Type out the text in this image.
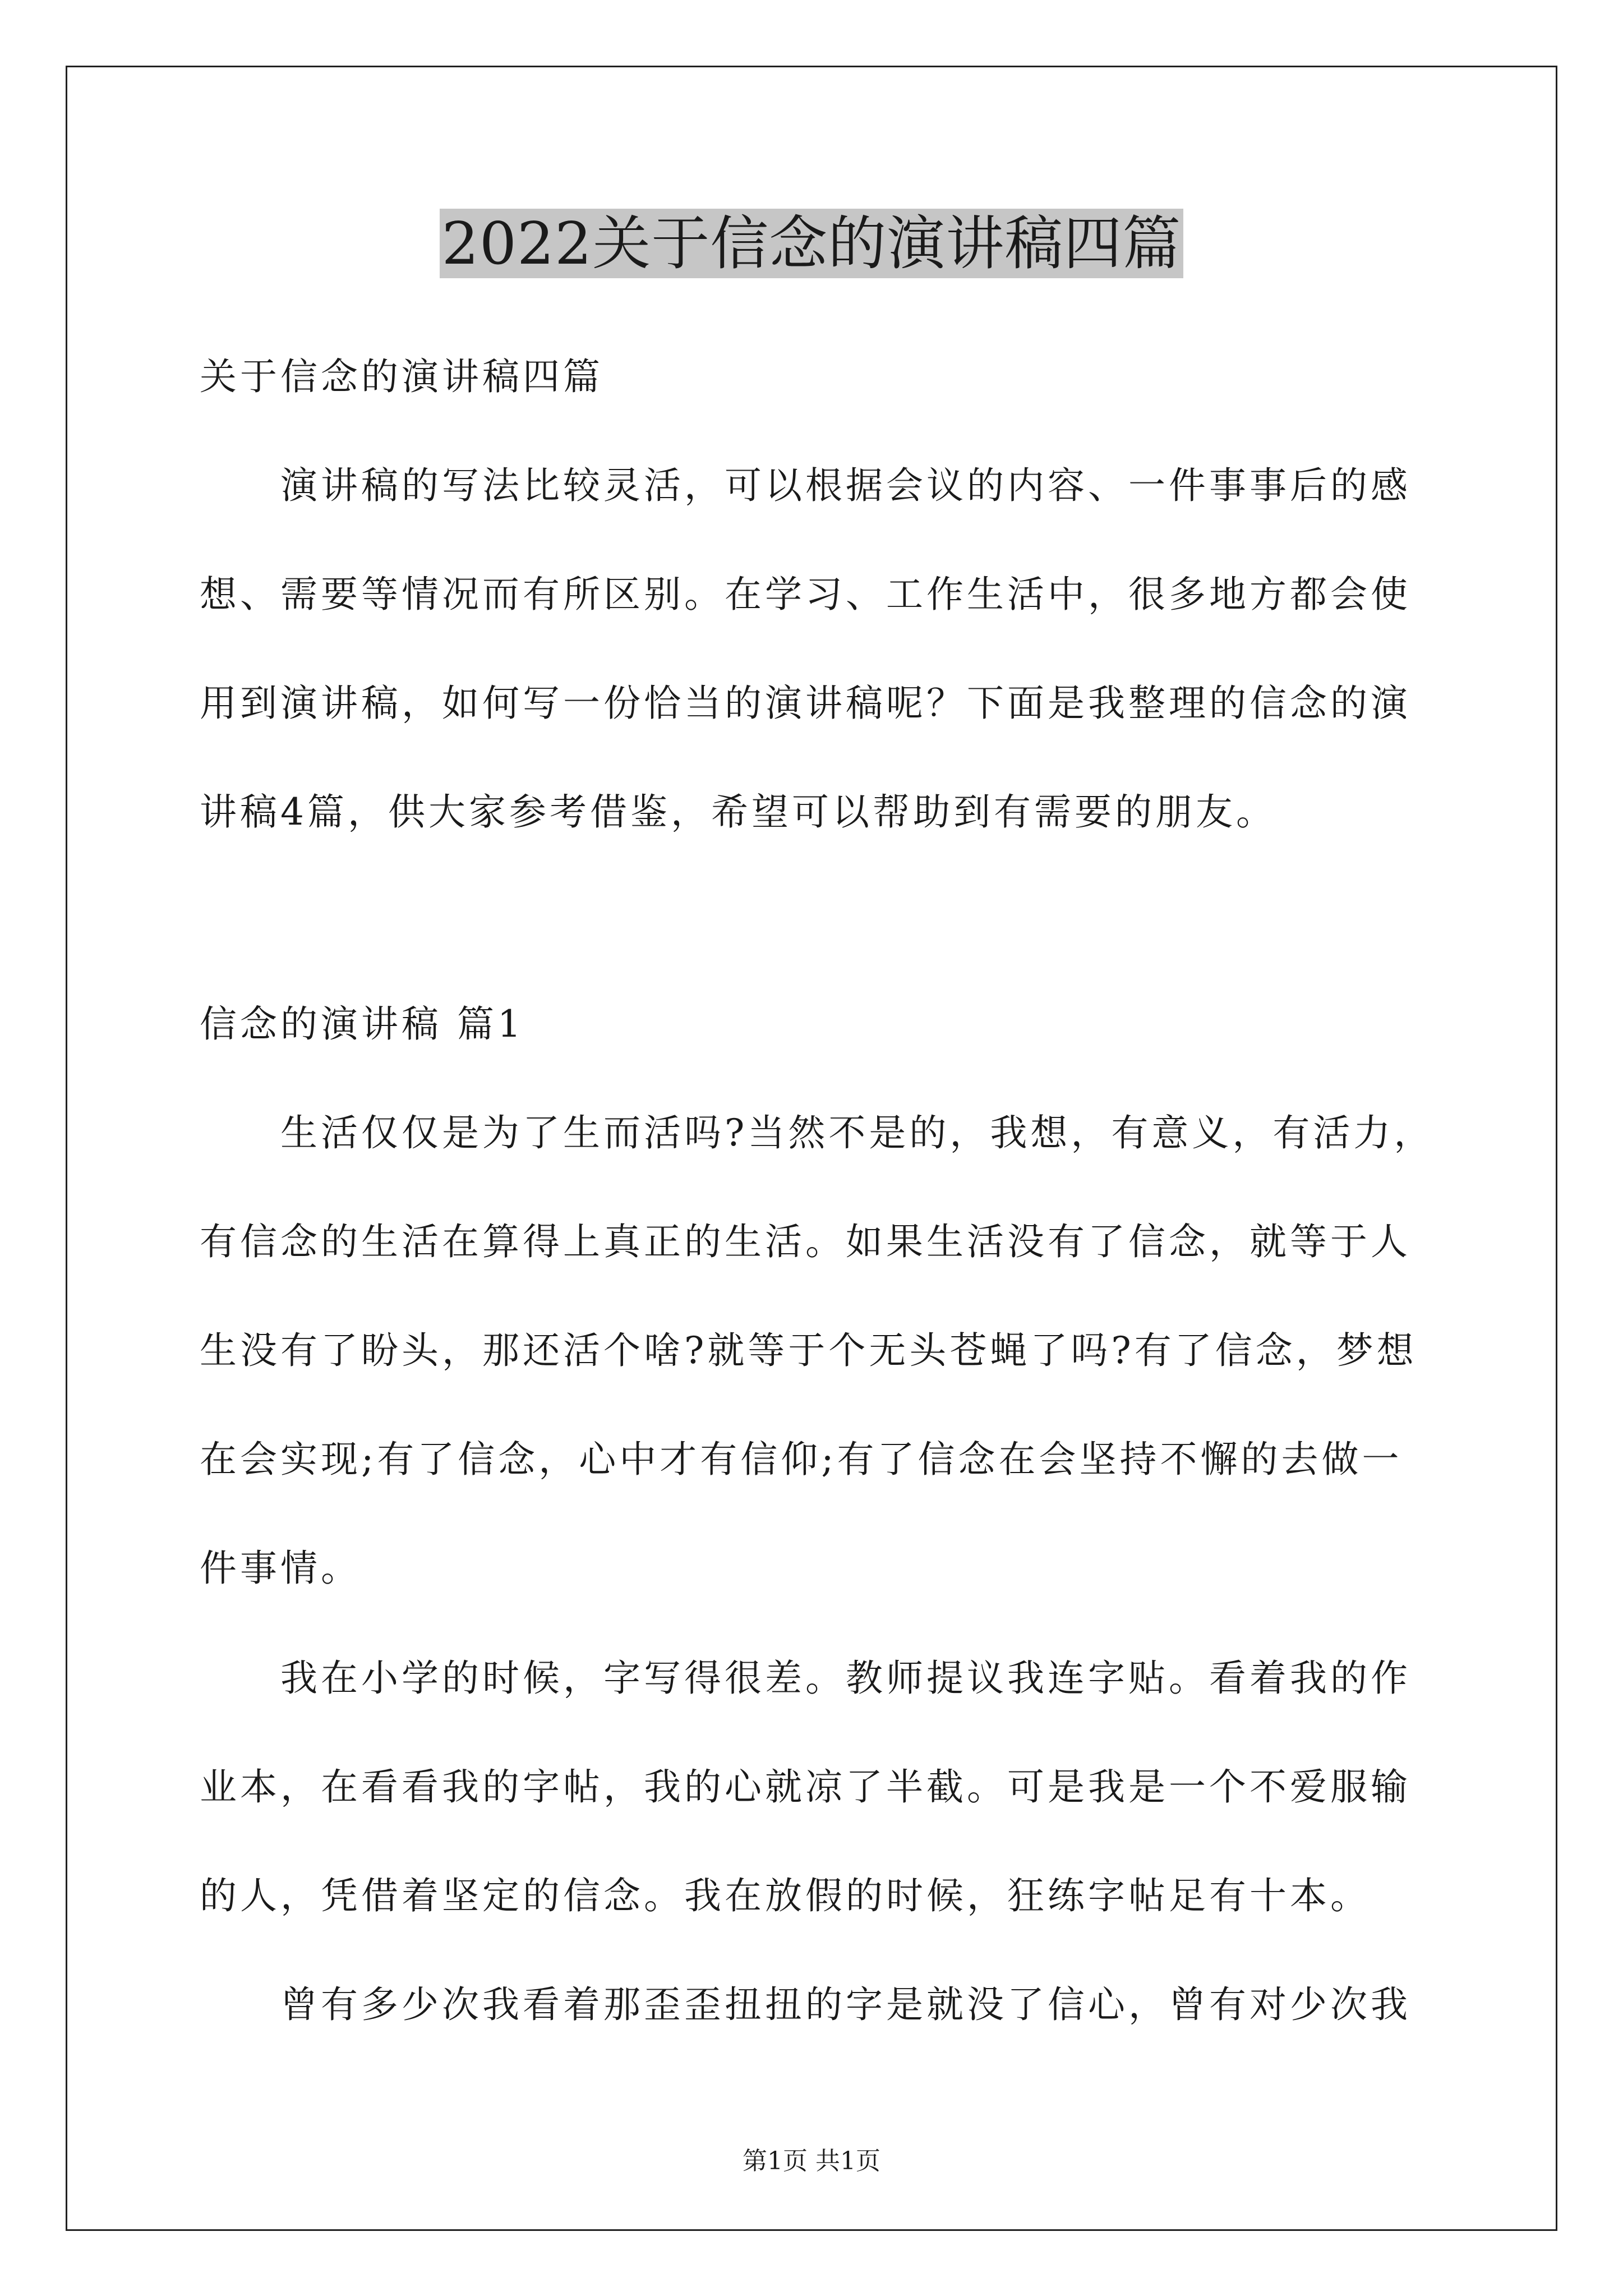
2022关于信念的演讲稿四篇
关于信念的演讲稿四篇
演讲稿的写法比较灵活，可以根据会议的内容、一件事事后的感
想、需要等情况而有所区别。在学习、工作生活中，很多地方都会使
用到演讲稿，如何写一份恰当的演讲稿呢？下面是我整理的信念的演
讲稿4篇，供大家参考借鉴，希望可以帮助到有需要的朋友。
信念的演讲稿 篇1
生活仅仅是为了生而活吗?当然不是的，我想，有意义，有活力，
有信念的生活在算得上真正的生活。如果生活没有了信念，就等于人
生没有了盼头，那还活个啥?就等于个无头苍蝇了吗?有了信念，梦想
在会实现;有了信念，心中才有信仰;有了信念在会坚持不懈的去做一
件事情。
我在小学的时候，字写得很差。教师提议我连字贴。看着我的作
业本，在看看我的字帖，我的心就凉了半截。可是我是一个不爱服输
的人，凭借着坚定的信念。我在放假的时候，狂练字帖足有十本。
曾有多少次我看着那歪歪扭扭的字是就没了信心，曾有对少次我
第1页 共1页
